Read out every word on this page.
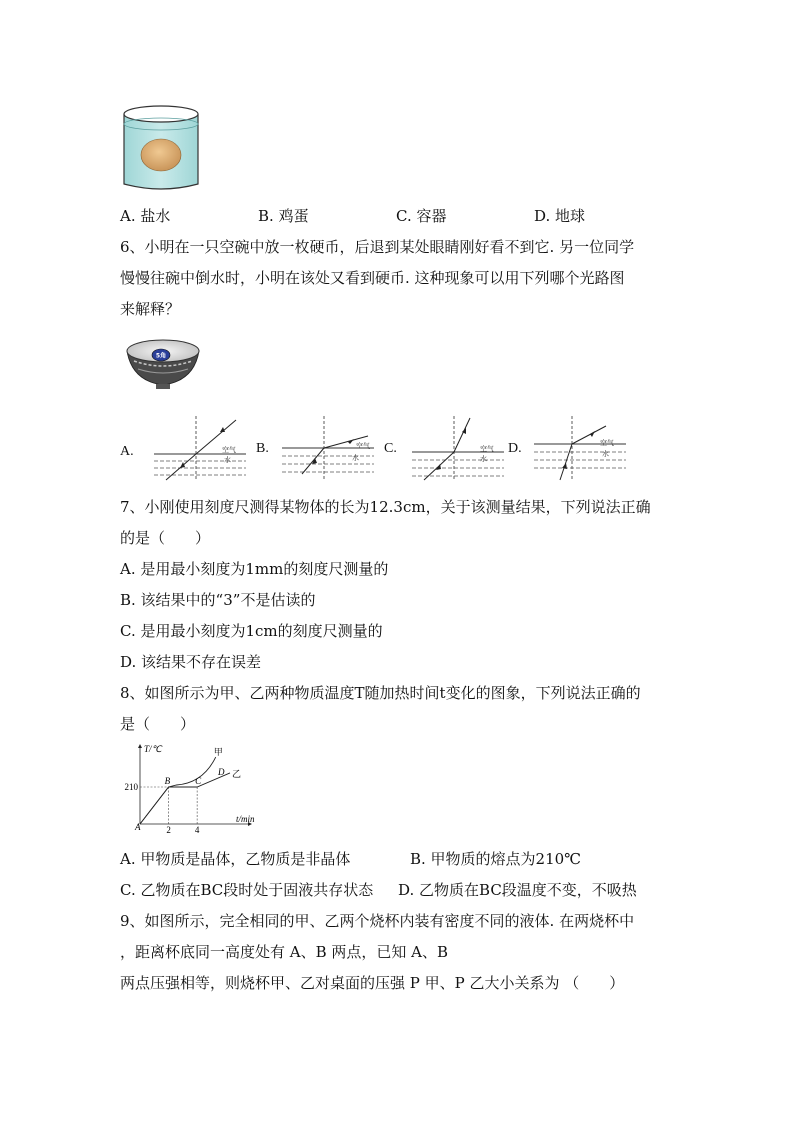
A. 盐水	B. 鸡蛋	C. 容器	D. 地球
6、小明在一只空碗中放一枚硬币，后退到某处眼睛刚好看不到它. 另一位同学
慢慢往碗中倒水时，小明在该处又看到硬币. 这种现象可以用下列哪个光路图
来解释？
5角
A.	B.	C.	D.
空气
水
空气
水
空气
水
空气
水
7、小刚使用刻度尺测得某物体的长为12.3cm，关于该测量结果，下列说法正确
的是（　　）
A. 是用最小刻度为1mm的刻度尺测量的
B. 该结果中的“3”不是估读的
C. 是用最小刻度为1cm的刻度尺测量的
D. 该结果不存在误差
8、如图所示为甲、乙两种物质温度T随加热时间t变化的图象，下列说法正确的
是（　　）
T/℃
t/min
210
2	4
甲
乙
A
B	C
D
A. 甲物质是晶体，乙物质是非晶体	B. 甲物质的熔点为210℃
C. 乙物质在BC段时处于固液共存状态 D. 乙物质在BC段温度不变，不吸热
9、如图所示，完全相同的甲、乙两个烧杯内装有密度不同的液体. 在两烧杯中
，距离杯底同一高度处有 A、B 两点，已知 A、B
两点压强相等，则烧杯甲、乙对桌面的压强 P 甲、P 乙大小关系为 （　　）
